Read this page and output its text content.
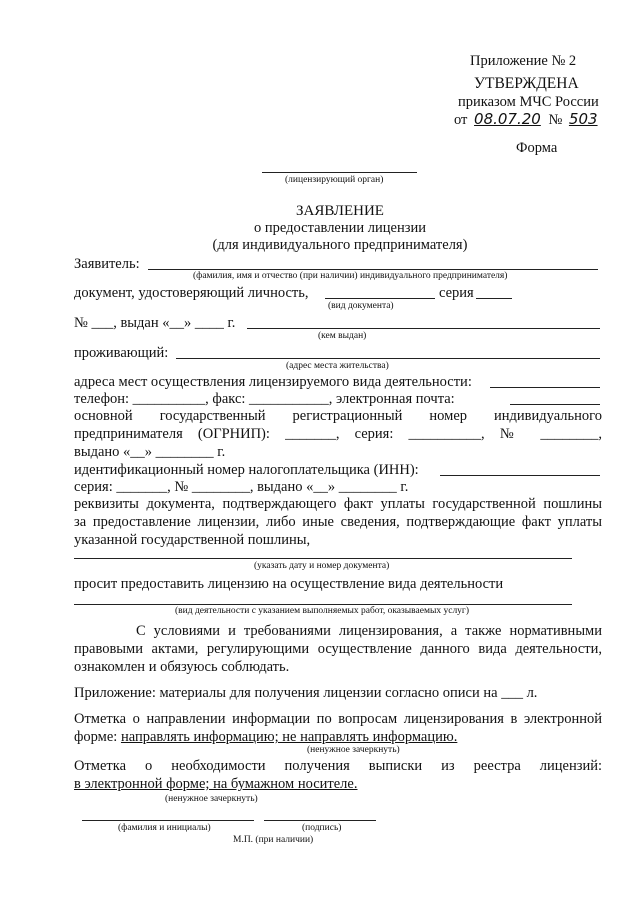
Приложение № 2
УТВЕРЖДЕНА
приказом МЧС России
от 08.07.20 № 503
Форма
(лицензирующий орган)
ЗАЯВЛЕНИЕ
о предоставлении лицензии
(для индивидуального предпринимателя)
Заявитель:
(фамилия, имя и отчество (при наличии) индивидуального предпринимателя)
документ, удостоверяющий личность,	серия
(вид документа)
№ ___, выдан «__» ____ г.
(кем выдан)
проживающий:
(адрес места жительства)
адреса мест осуществления лицензируемого вида деятельности:
телефон: __________, факс: ___________, электронная почта:
основной государственный регистрационный номер индивидуального
предпринимателя (ОГРНИП): _______, серия: __________, № ________,
выдано «__» ________ г.
идентификационный номер налогоплательщика (ИНН):
серия: _______, № ________, выдано «__» ________ г.
реквизиты документа, подтверждающего факт уплаты государственной пошлины
за предоставление лицензии, либо иные сведения, подтверждающие факт уплаты
указанной государственной пошлины,
(указать дату и номер документа)
просит предоставить лицензию на осуществление вида деятельности
(вид деятельности с указанием выполняемых работ, оказываемых услуг)
С условиями и требованиями лицензирования, а также нормативными
правовыми актами, регулирующими осуществление данного вида деятельности,
ознакомлен и обязуюсь соблюдать.
Приложение: материалы для получения лицензии согласно описи на ___ л.
Отметка о направлении информации по вопросам лицензирования в электронной
форме: направлять информацию; не направлять информацию.
(ненужное зачеркнуть)
Отметка о необходимости получения выписки из реестра лицензий:
в электронной форме; на бумажном носителе.
(ненужное зачеркнуть)
(фамилия и инициалы)	(подпись)
М.П. (при наличии)
